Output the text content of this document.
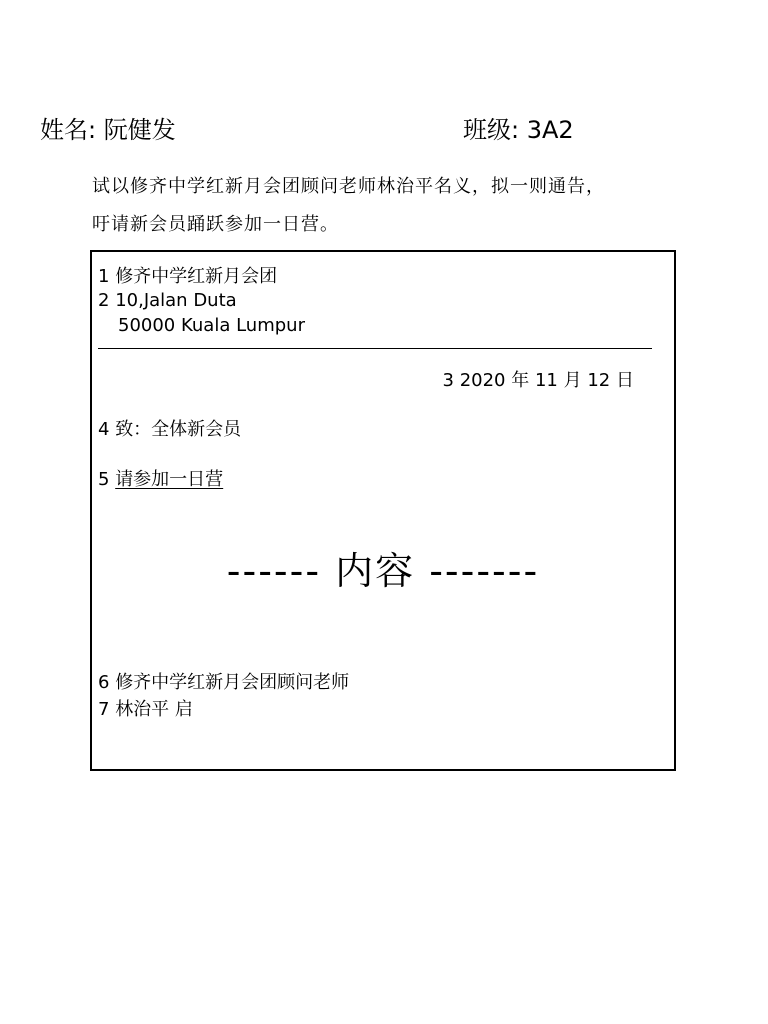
姓名: 阮健发	班级: 3A2
试以修齐中学红新月会团顾问老师林治平名义，拟一则通告，
吁请新会员踊跃参加一日营。
1 修齐中学红新月会团
2 10,Jalan Duta
50000 Kuala Lumpur
3 2020 年 11 月 12 日
4 致：全体新会员
5 请参加一日营
------ 内容 -------
6 修齐中学红新月会团顾问老师
7 林治平 启
